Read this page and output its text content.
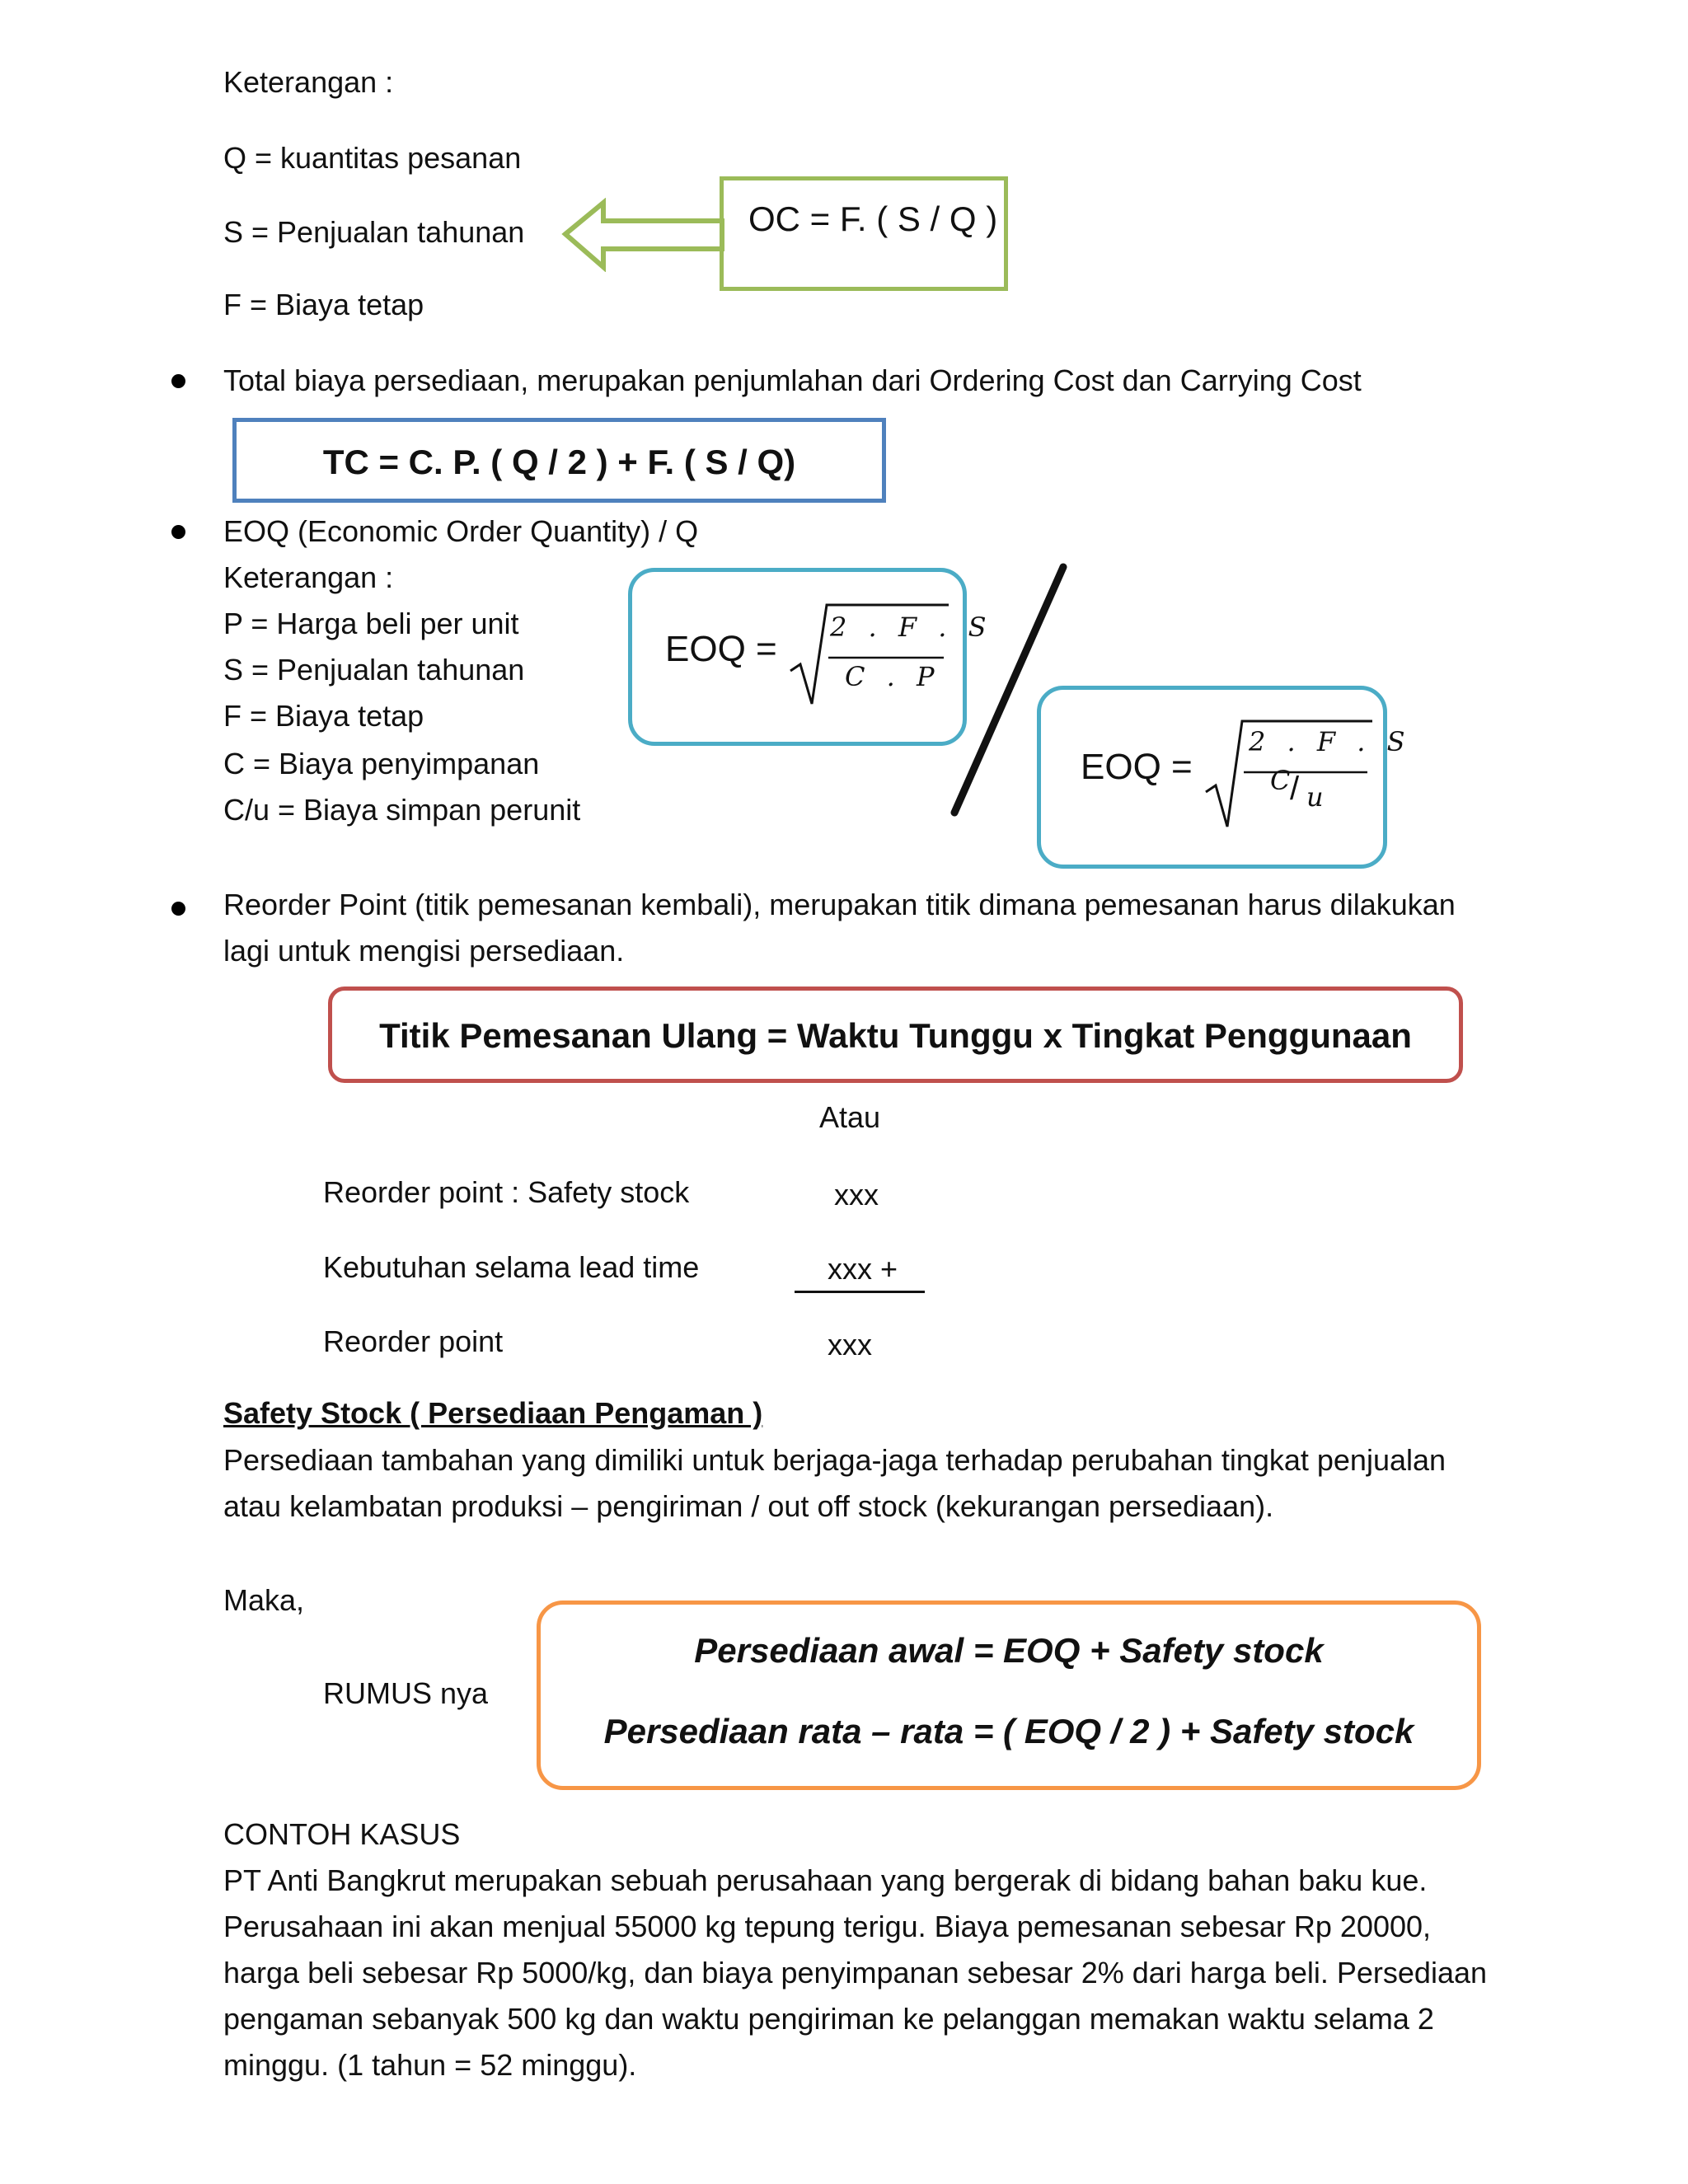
Keterangan :
Q = kuantitas pesanan
S = Penjualan tahunan
F = Biaya tetap
OC = F. ( S / Q )
Total biaya persediaan, merupakan penjumlahan dari Ordering Cost dan Carrying Cost
TC = C. P. ( Q / 2 ) + F. ( S / Q)
EOQ (Economic Order Quantity) / Q
Keterangan :
P = Harga beli per unit
S = Penjualan tahunan
F = Biaya tetap
C = Biaya penyimpanan
C/u = Biaya simpan perunit
EOQ =
2 . F . S
C . P
EOQ =
2 . F . S
C / u
Reorder Point (titik pemesanan kembali), merupakan titik dimana pemesanan harus dilakukan lagi untuk mengisi persediaan.
Titik Pemesanan Ulang = Waktu Tunggu x Tingkat Penggunaan
Atau
Reorder point : Safety stock	xxx
Kebutuhan selama lead time	xxx +
Reorder point	xxx
Safety Stock ( Persediaan Pengaman )
Persediaan tambahan yang dimiliki untuk berjaga-jaga terhadap perubahan tingkat penjualan atau kelambatan produksi – pengiriman / out off stock (kekurangan persediaan).
Maka,
RUMUS nya
Persediaan awal = EOQ + Safety stock
Persediaan rata – rata = ( EOQ / 2 ) + Safety stock
CONTOH KASUS
PT Anti Bangkrut merupakan sebuah perusahaan yang bergerak di bidang bahan baku kue. Perusahaan ini akan menjual 55000 kg tepung terigu. Biaya pemesanan sebesar Rp 20000, harga beli sebesar Rp 5000/kg, dan biaya penyimpanan sebesar 2% dari harga beli. Persediaan pengaman sebanyak 500 kg dan waktu pengiriman ke pelanggan memakan waktu selama 2 minggu. (1 tahun = 52 minggu).
